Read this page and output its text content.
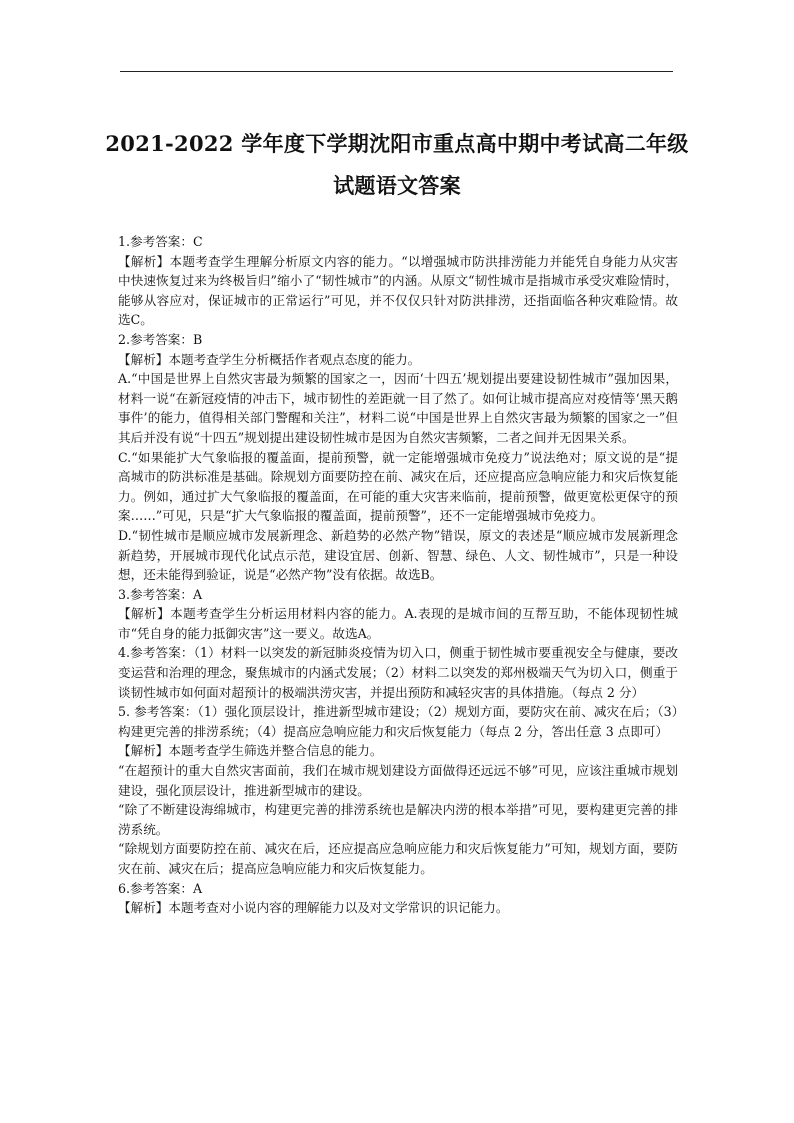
2021-2022 学年度下学期沈阳市重点高中期中考试高二年级
试题语文答案

1.参考答案：C

【解析】本题考查学生理解分析原文内容的能力。“以增强城市防洪排涝能力并能凭自身能力从灾害中快速恢复过来为终极旨归”缩小了“韧性城市”的内涵。从原文“韧性城市是指城市承受灾难险情时，能够从容应对，保证城市的正常运行”可见，并不仅仅只针对防洪排涝，还指面临各种灾难险情。故选C。

2.参考答案：B

【解析】本题考查学生分析概括作者观点态度的能力。

A.“中国是世界上自然灾害最为频繁的国家之一，因而‘十四五’规划提出要建设韧性城市”强加因果，材料一说“在新冠疫情的冲击下，城市韧性的差距就一目了然了。如何让城市提高应对疫情等‘黑天鹅事件’的能力，值得相关部门警醒和关注”，材料二说“中国是世界上自然灾害最为频繁的国家之一”但其后并没有说“十四五”规划提出建设韧性城市是因为自然灾害频繁，二者之间并无因果关系。

C.“如果能扩大气象临报的覆盖面，提前预警，就一定能增强城市免疫力”说法绝对；原文说的是“提高城市的防洪标准是基础。除规划方面要防控在前、减灾在后，还应提高应急响应能力和灾后恢复能力。例如，通过扩大气象临报的覆盖面，在可能的重大灾害来临前，提前预警，做更宽松更保守的预案……”可见，只是“扩大气象临报的覆盖面，提前预警”，还不一定能增强城市免疫力。

D.“韧性城市是顺应城市发展新理念、新趋势的必然产物”错误，原文的表述是“顺应城市发展新理念新趋势，开展城市现代化试点示范，建设宜居、创新、智慧、绿色、人文、韧性城市”，只是一种设想，还未能得到验证，说是“必然产物”没有依据。故选B。

3.参考答案：A

【解析】本题考查学生分析运用材料内容的能力。A.表现的是城市间的互帮互助，不能体现韧性城市“凭自身的能力抵御灾害”这一要义。故选A。

4.参考答案：（1）材料一以突发的新冠肺炎疫情为切入口，侧重于韧性城市要重视安全与健康，要改变运营和治理的理念，聚焦城市的内涵式发展；（2）材料二以突发的郑州极端天气为切入口，侧重于谈韧性城市如何面对超预计的极端洪涝灾害，并提出预防和减轻灾害的具体措施。（每点 2 分）

5. 参考答案：（1）强化顶层设计，推进新型城市建设；（2）规划方面，要防灾在前、减灾在后；（3）构建更完善的排涝系统；（4）提高应急响应能力和灾后恢复能力（每点 2 分，答出任意 3 点即可）

【解析】本题考查学生筛选并整合信息的能力。

“在超预计的重大自然灾害面前，我们在城市规划建设方面做得还远远不够”可见，应该注重城市规划建设，强化顶层设计，推进新型城市的建设。

“除了不断建设海绵城市，构建更完善的排涝系统也是解决内涝的根本举措”可见，要构建更完善的排涝系统。

“除规划方面要防控在前、减灾在后，还应提高应急响应能力和灾后恢复能力”可知，规划方面，要防灾在前、减灾在后；提高应急响应能力和灾后恢复能力。

6.参考答案：A

【解析】本题考查对小说内容的理解能力以及对文学常识的识记能力。
